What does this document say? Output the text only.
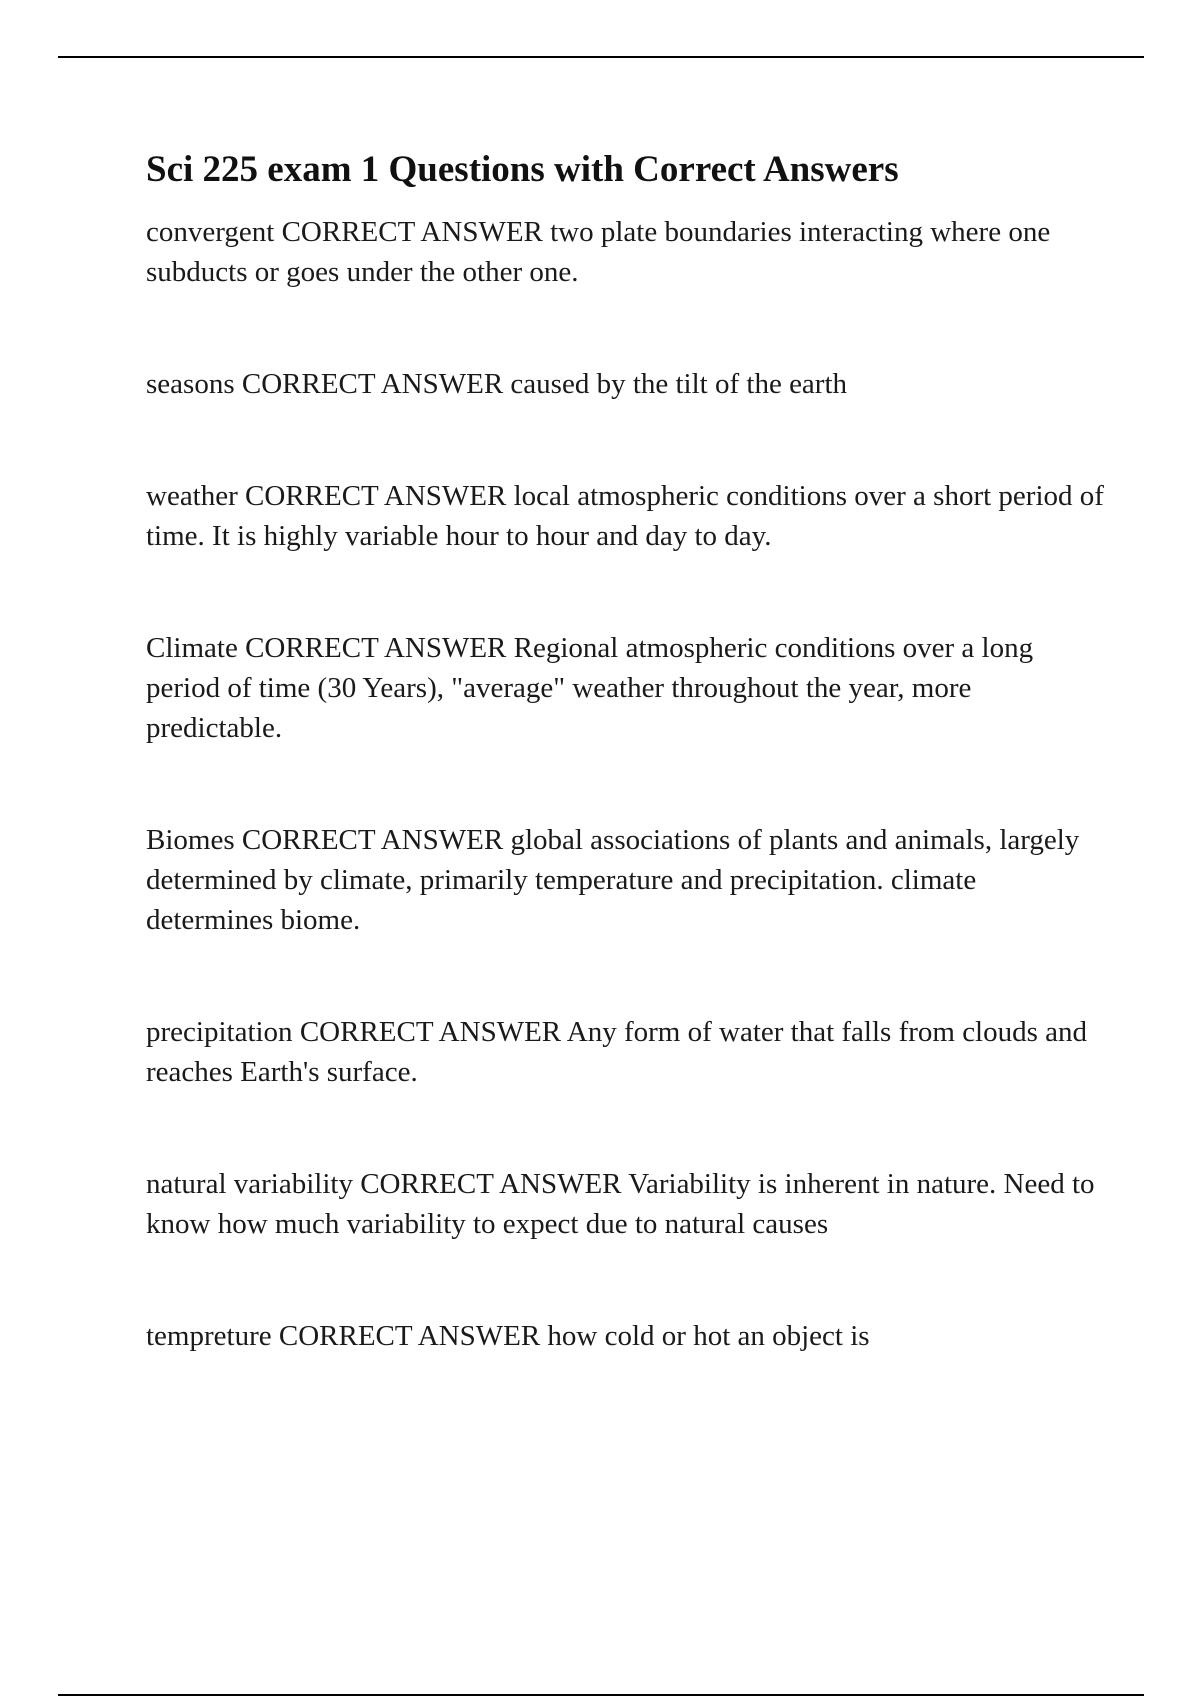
Sci 225 exam 1 Questions with Correct Answers

convergent CORRECT ANSWER two plate boundaries interacting where one subducts or goes under the other one.

seasons CORRECT ANSWER caused by the tilt of the earth

weather CORRECT ANSWER local atmospheric conditions over a short period of time. It is highly variable hour to hour and day to day.

Climate CORRECT ANSWER Regional atmospheric conditions over a long period of time (30 Years), "average" weather throughout the year, more predictable.

Biomes CORRECT ANSWER global associations of plants and animals, largely determined by climate, primarily temperature and precipitation. climate determines biome.

precipitation CORRECT ANSWER Any form of water that falls from clouds and reaches Earth's surface.

natural variability CORRECT ANSWER Variability is inherent in nature. Need to know how much variability to expect due to natural causes

tempreture CORRECT ANSWER how cold or hot an object is
